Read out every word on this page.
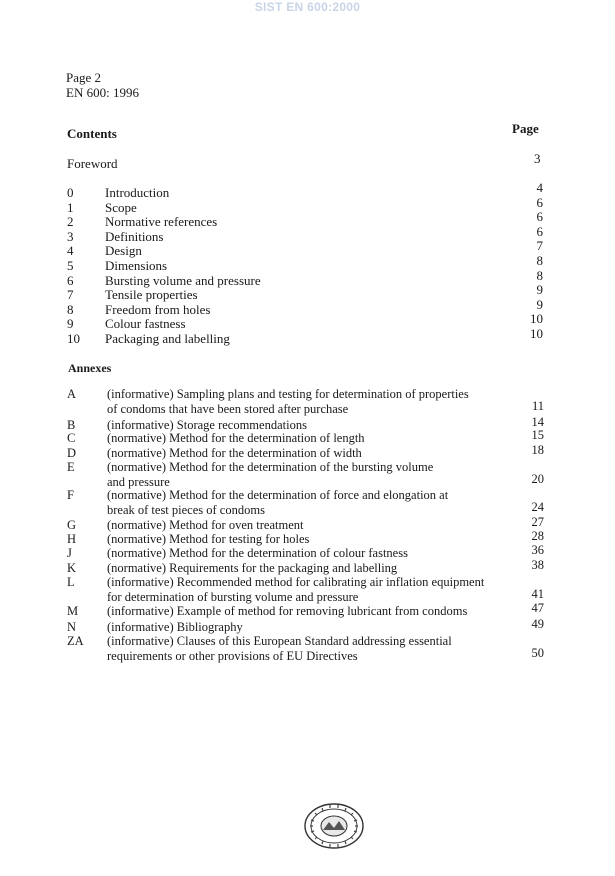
SIST EN 600:2000
Page 2
EN 600: 1996
Contents	Page
Foreword	3
0 Introduction	4
1 Scope	6
2 Normative references	6
3 Definitions	6
4 Design	7
5 Dimensions	8
6 Bursting volume and pressure	8
7 Tensile properties	9
8 Freedom from holes	9
9 Colour fastness	10
10 Packaging and labelling	10
Annexes
A (informative) Sampling plans and testing for determination of properties
of condoms that have been stored after purchase	11
B	(informative) Storage recommendations	14
C	(normative) Method for the determination of length	15
D (normative) Method for the determination of width	18
E	(normative) Method for the determination of the bursting volume
and pressure	20
F	(normative) Method for the determination of force and elongation at
break of test pieces of condoms	24
G (normative) Method for oven treatment	27
H (normative) Method for testing for holes	28
J	(normative) Method for the determination of colour fastness	36
K (normative) Requirements for the packaging and labelling	38
L	(informative) Recommended method for calibrating air inflation equipment
for determination of bursting volume and pressure	41
M (informative) Example of method for removing lubricant from condoms	47
N (informative) Bibliography	49
ZA (informative) Clauses of this European Standard addressing essential
requirements or other provisions of EU Directives	50
